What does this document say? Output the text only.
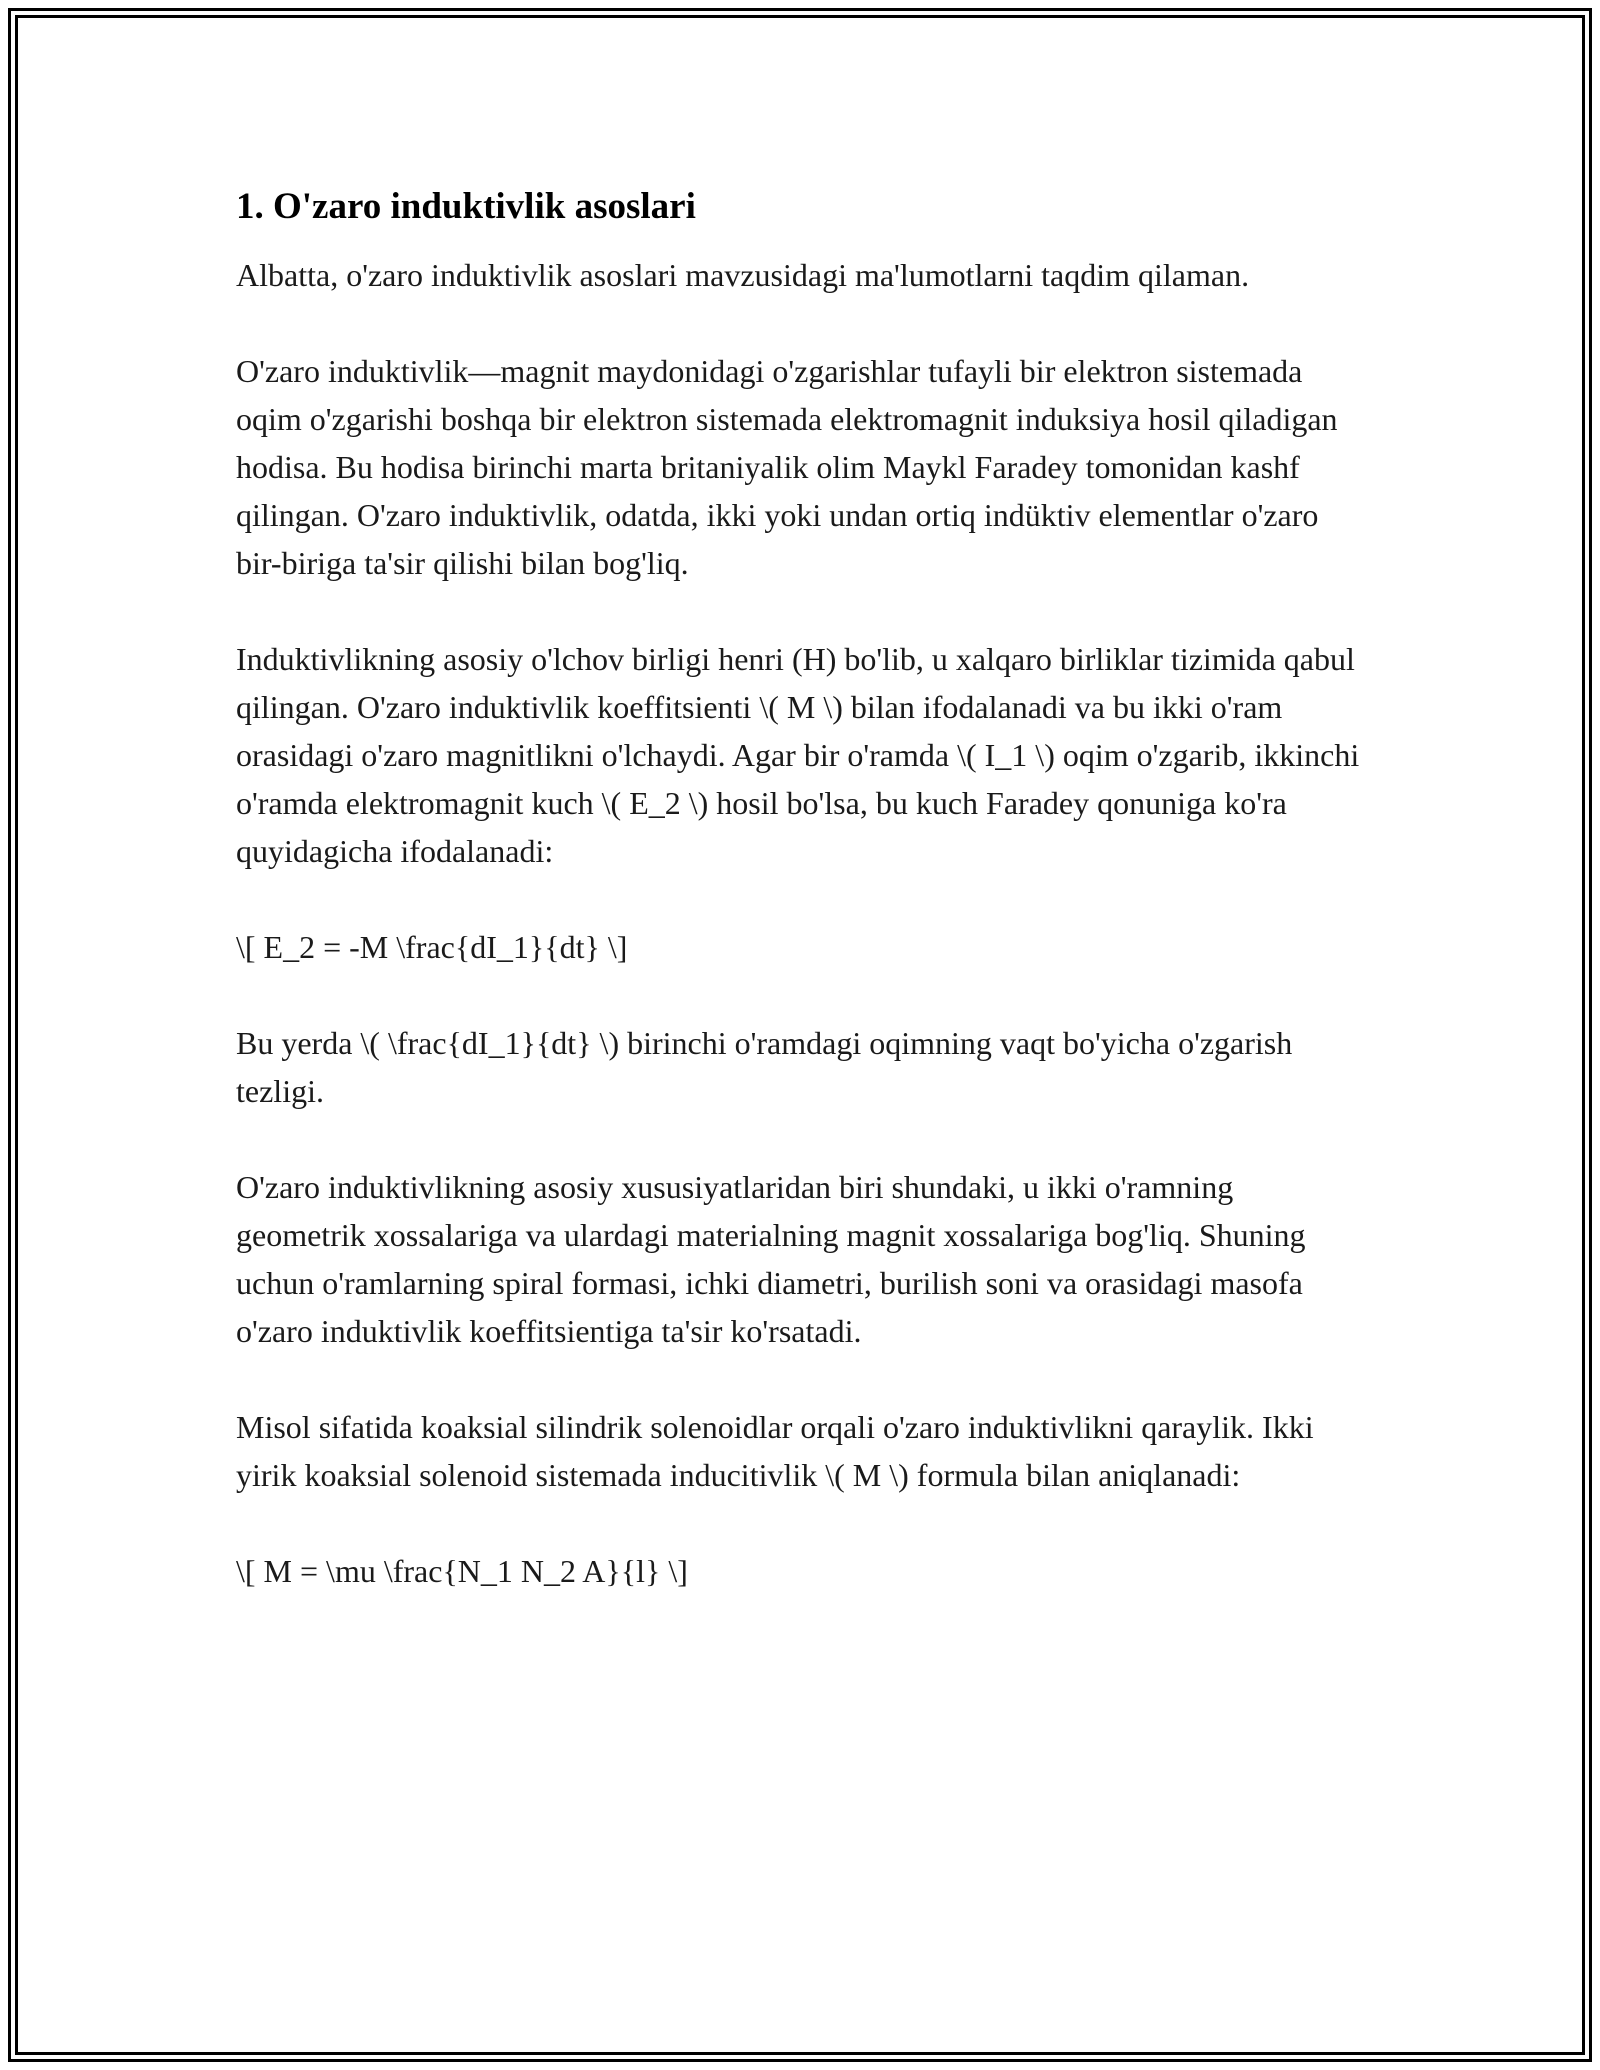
1. O'zaro induktivlik asoslari

Albatta, o'zaro induktivlik asoslari mavzusidagi ma'lumotlarni taqdim qilaman.

O'zaro induktivlik—magnit maydonidagi o'zgarishlar tufayli bir elektron sistemada oqim o'zgarishi boshqa bir elektron sistemada elektromagnit induksiya hosil qiladigan hodisa. Bu hodisa birinchi marta britaniyalik olim Maykl Faradey tomonidan kashf qilingan. O'zaro induktivlik, odatda, ikki yoki undan ortiq indüktiv elementlar o'zaro bir-biriga ta'sir qilishi bilan bog'liq.

Induktivlikning asosiy o'lchov birligi henri (H) bo'lib, u xalqaro birliklar tizimida qabul qilingan. O'zaro induktivlik koeffitsienti \( M \) bilan ifodalanadi va bu ikki o'ram orasidagi o'zaro magnitlikni o'lchaydi. Agar bir o'ramda \( I_1 \) oqim o'zgarib, ikkinchi o'ramda elektromagnit kuch \( E_2 \) hosil bo'lsa, bu kuch Faradey qonuniga ko'ra quyidagicha ifodalanadi:

\[ E_2 = -M \frac{dI_1}{dt} \]

Bu yerda \( \frac{dI_1}{dt} \) birinchi o'ramdagi oqimning vaqt bo'yicha o'zgarish tezligi.

O'zaro induktivlikning asosiy xususiyatlaridan biri shundaki, u ikki o'ramning geometrik xossalariga va ulardagi materialning magnit xossalariga bog'liq. Shuning uchun o'ramlarning spiral formasi, ichki diametri, burilish soni va orasidagi masofa o'zaro induktivlik koeffitsientiga ta'sir ko'rsatadi.

Misol sifatida koaksial silindrik solenoidlar orqali o'zaro induktivlikni qaraylik. Ikki yirik koaksial solenoid sistemada inducitivlik \( M \) formula bilan aniqlanadi:

\[ M = \mu \frac{N_1 N_2 A}{l} \]
